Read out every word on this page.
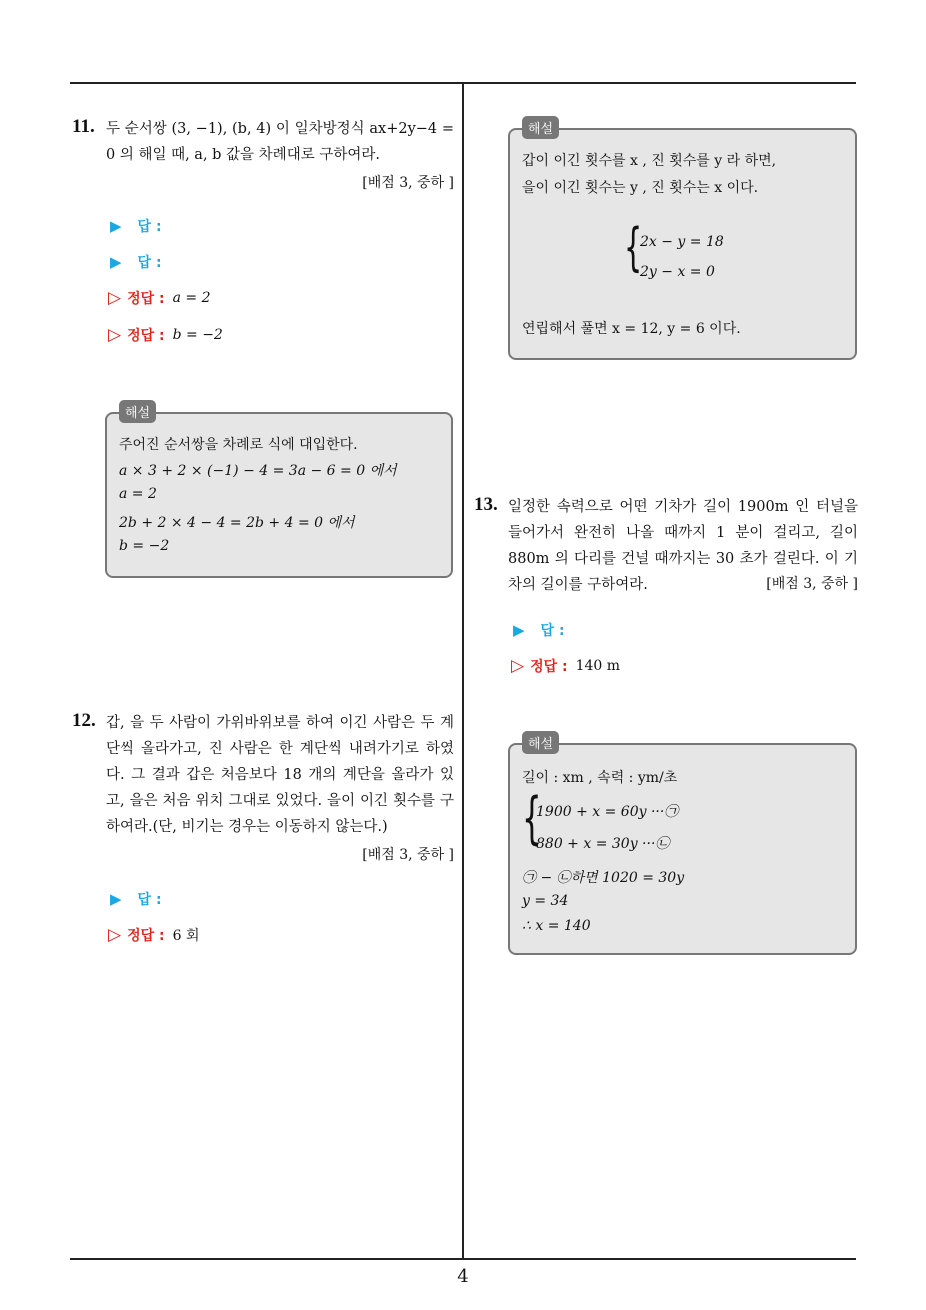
11. 두 순서쌍 (3, −1), (b, 4) 이 일차방정식 ax+2y−4 = 0 의 해일 때, a, b 값을 차례대로 구하여라.
[배점 3, 중하 ]
▶ 답 :
▶ 답 :
▷ 정답 : a = 2
▷ 정답 : b = −2
해설
주어진 순서쌍을 차례로 식에 대입한다.
a × 3 + 2 × (−1) − 4 = 3a − 6 = 0 에서
a = 2
2b + 2 × 4 − 4 = 2b + 4 = 0 에서
b = −2
12. 갑, 을 두 사람이 가위바위보를 하여 이긴 사람은 두 계단씩 올라가고, 진 사람은 한 계단씩 내려가기로 하였다. 그 결과 갑은 처음보다 18 개의 계단을 올라가 있고, 을은 처음 위치 그대로 있었다. 을이 이긴 횟수를 구하여라.(단, 비기는 경우는 이동하지 않는다.)
[배점 3, 중하 ]
▶ 답 :
▷ 정답 : 6 회
해설
갑이 이긴 횟수를 x , 진 횟수를 y 라 하면,
을이 이긴 횟수는 y , 진 횟수는 x 이다.
{
2x − y = 18
2y − x = 0
연립해서 풀면 x = 12, y = 6 이다.
13. 일정한 속력으로 어떤 기차가 길이 1900m 인 터널을 들어가서 완전히 나올 때까지 1 분이 걸리고, 길이 880m 의 다리를 건널 때까지는 30 초가 걸린다. 이 기차의 길이를 구하여라.	[배점 3, 중하 ]
▶ 답 :
▷ 정답 : 140 m
해설
길이 : xm , 속력 : ym/초
{
1900 + x = 60y ···㉠
880 + x = 30y ···㉡
㉠ − ㉡하면 1020 = 30y
y = 34
∴ x = 140
4
